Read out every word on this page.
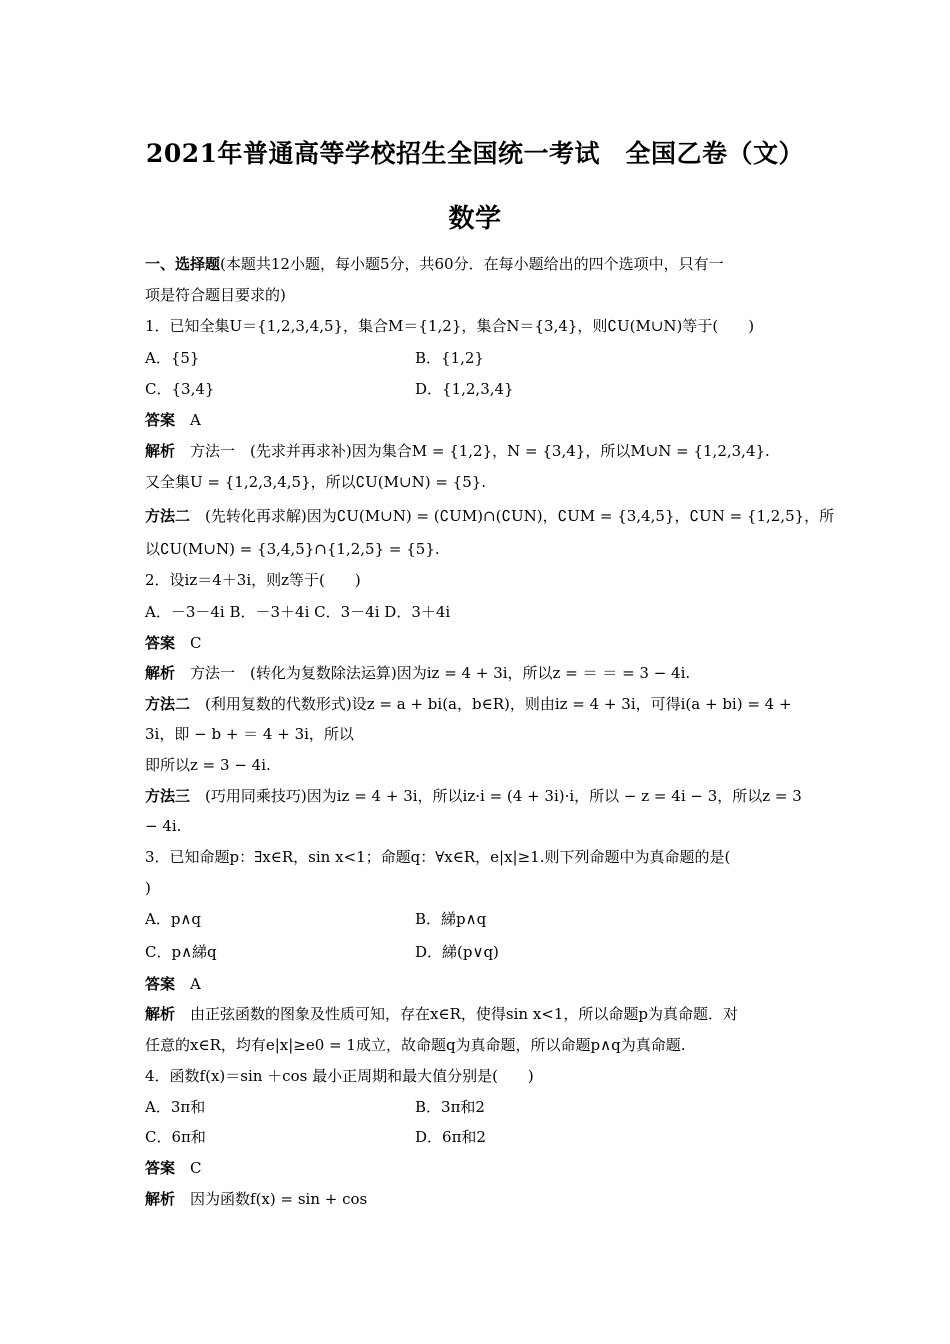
2021年普通高等学校招生全国统一考试　全国乙卷（文）
数学
一、选择题(本题共12小题，每小题5分，共60分．在每小题给出的四个选项中，只有一
项是符合题目要求的)
1．已知全集U＝{1,2,3,4,5}，集合M＝{1,2}，集合N＝{3,4}，则∁U(M∪N)等于(　　)
A．{5}	B．{1,2}
C．{3,4}	D．{1,2,3,4}
答案　 A
解析　 方法一　(先求并再求补)因为集合M = {1,2}，N = {3,4}，所以M∪N = {1,2,3,4}.
又全集U = {1,2,3,4,5}，所以∁U(M∪N) = {5}.
方法二　 (先转化再求解)因为∁U(M∪N) = (∁UM)∩(∁UN)，∁UM = {3,4,5}，∁UN = {1,2,5}，所
以∁U(M∪N) = {3,4,5}∩{1,2,5} = {5}.
2．设iz＝4＋3i，则z等于(　　)
A．－3－4i B．－3＋4i C．3－4i D．3＋4i
答案　 C
解析　 方法一　(转化为复数除法运算)因为iz = 4 + 3i，所以z = ＝ ＝ = 3 − 4i.
方法二　 (利用复数的代数形式)设z = a + bi(a，b∈R)，则由iz = 4 + 3i，可得i(a + bi) = 4 +
3i，即 − b + ＝ 4 + 3i，所以
即所以z = 3 − 4i.
方法三　 (巧用同乘技巧)因为iz = 4 + 3i，所以iz·i = (4 + 3i)·i，所以 − z = 4i − 3，所以z = 3
− 4i.
3．已知命题p：∃x∈R，sin x<1；命题q：∀x∈R，e|x|≥1.则下列命题中为真命题的是(
)
A．p∧q	B．綈p∧q
C．p∧綈q	D．綈(p∨q)
答案　 A
解析　 由正弦函数的图象及性质可知，存在x∈R，使得sin x<1，所以命题p为真命题．对
任意的x∈R，均有e|x|≥e0 = 1成立，故命题q为真命题，所以命题p∧q为真命题.
4．函数f(x)＝sin ＋cos 最小正周期和最大值分别是(　　)
A．3π和	B．3π和2
C．6π和	D．6π和2
答案　 C
解析　 因为函数f(x) = sin + cos
